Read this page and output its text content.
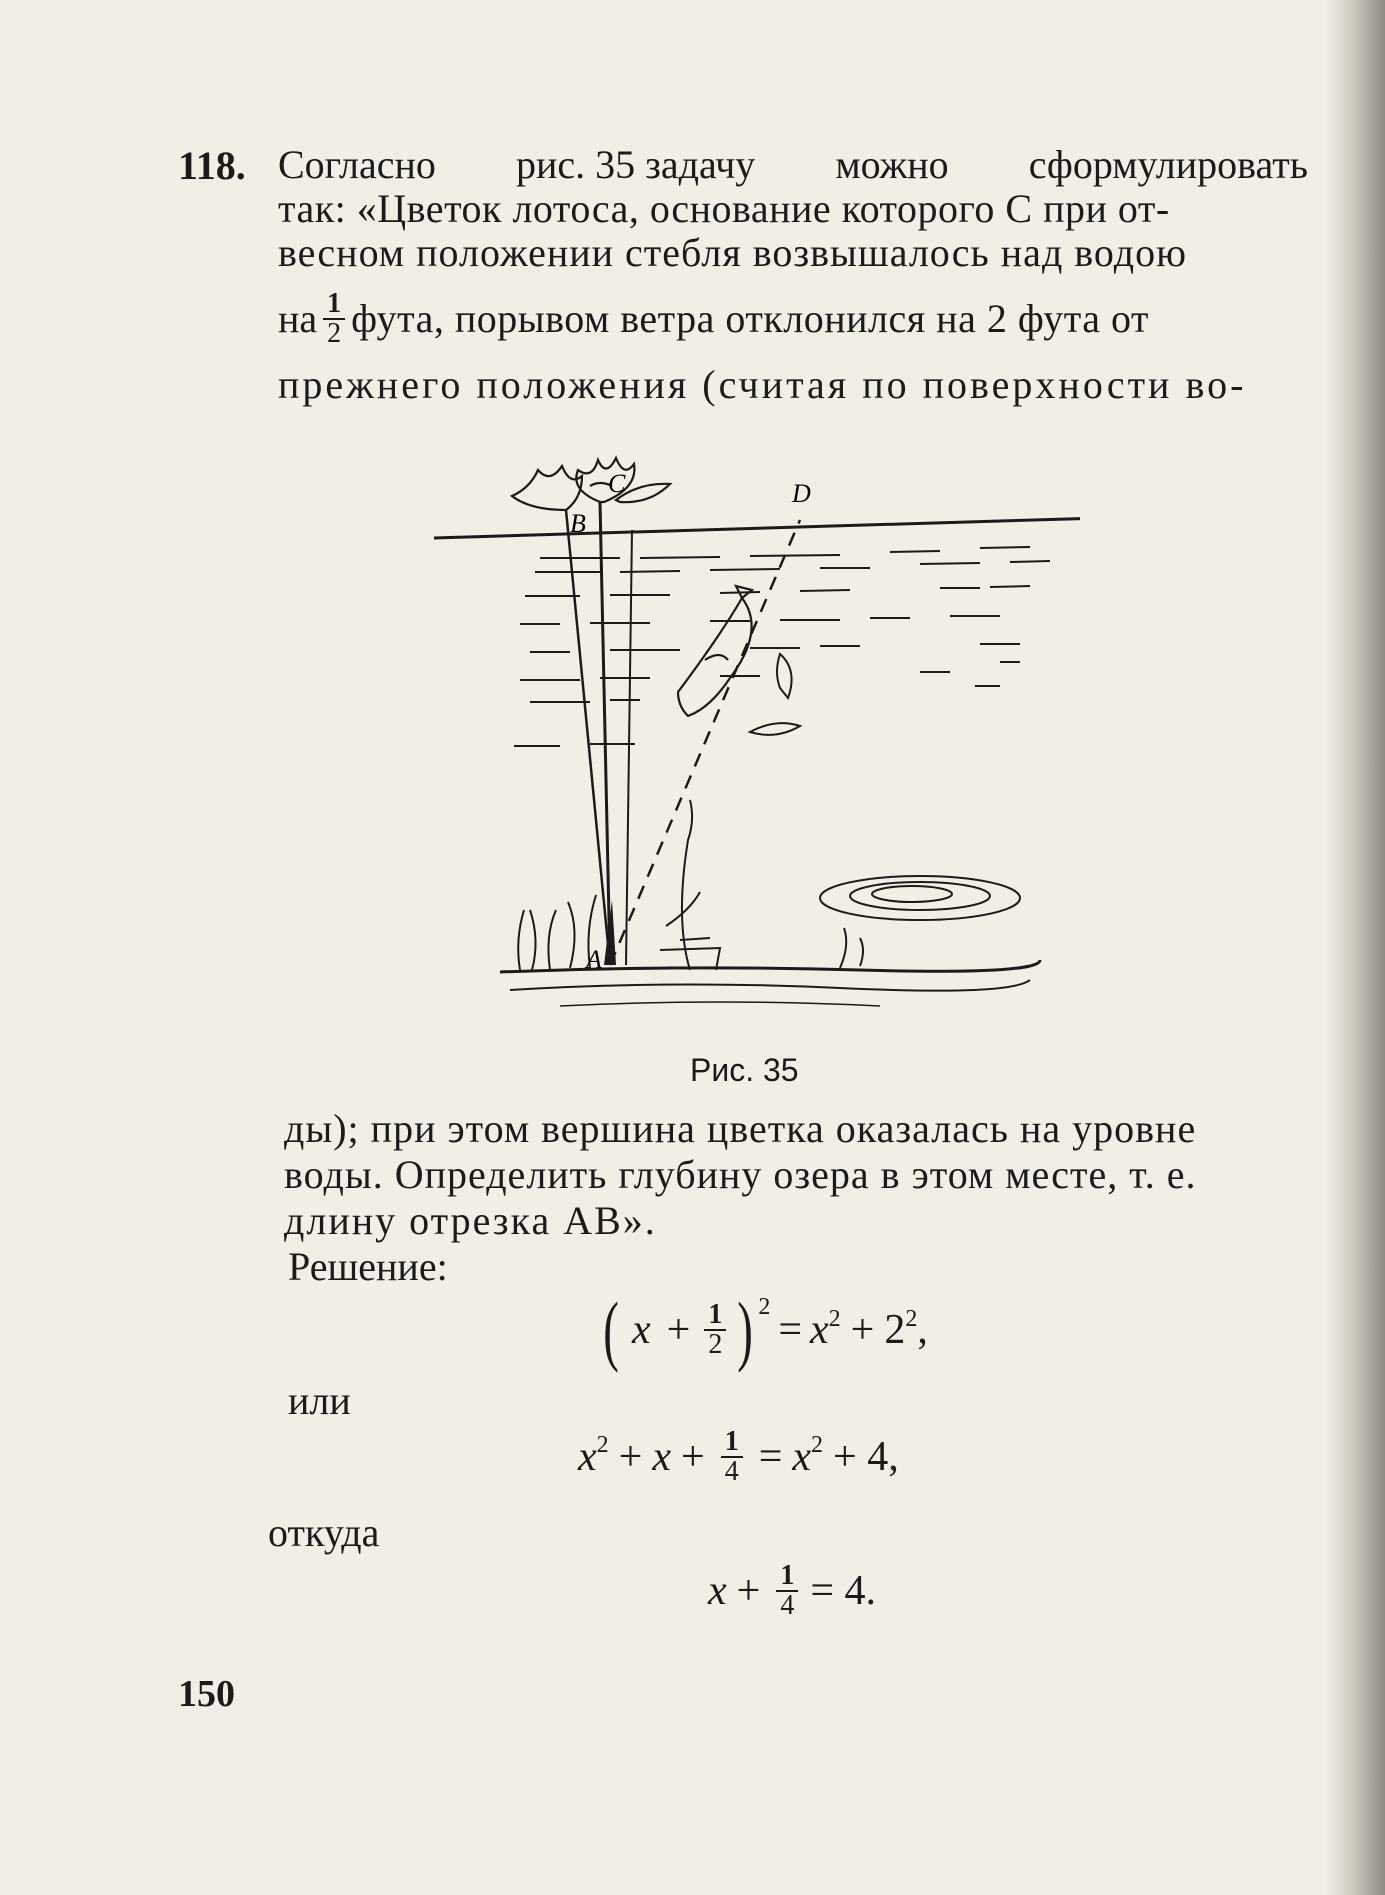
118. Согласно рис. 35 задачу можно сформулировать
так: «Цветок лотоса, основание которого C при от-
весном положении стебля возвышалось над водою
на $\frac{1}{2}$ фута, порывом ветра отклонился на 2 фута от
прежнего положения (считая по поверхности во-
B
C	D
A
Рис. 35
ды); при этом вершина цветка оказалась на уровне
воды. Определить глубину озера в этом месте, т. е.
длину отрезка AB».
Решение:
( $x + \frac{1}{2} )^2 = x^2 + 2^2$ ,
или
$x^2 + x + \frac{1}{4} = x^2 + 4$,
откуда
$x + \frac{1}{4} = 4$.
150
